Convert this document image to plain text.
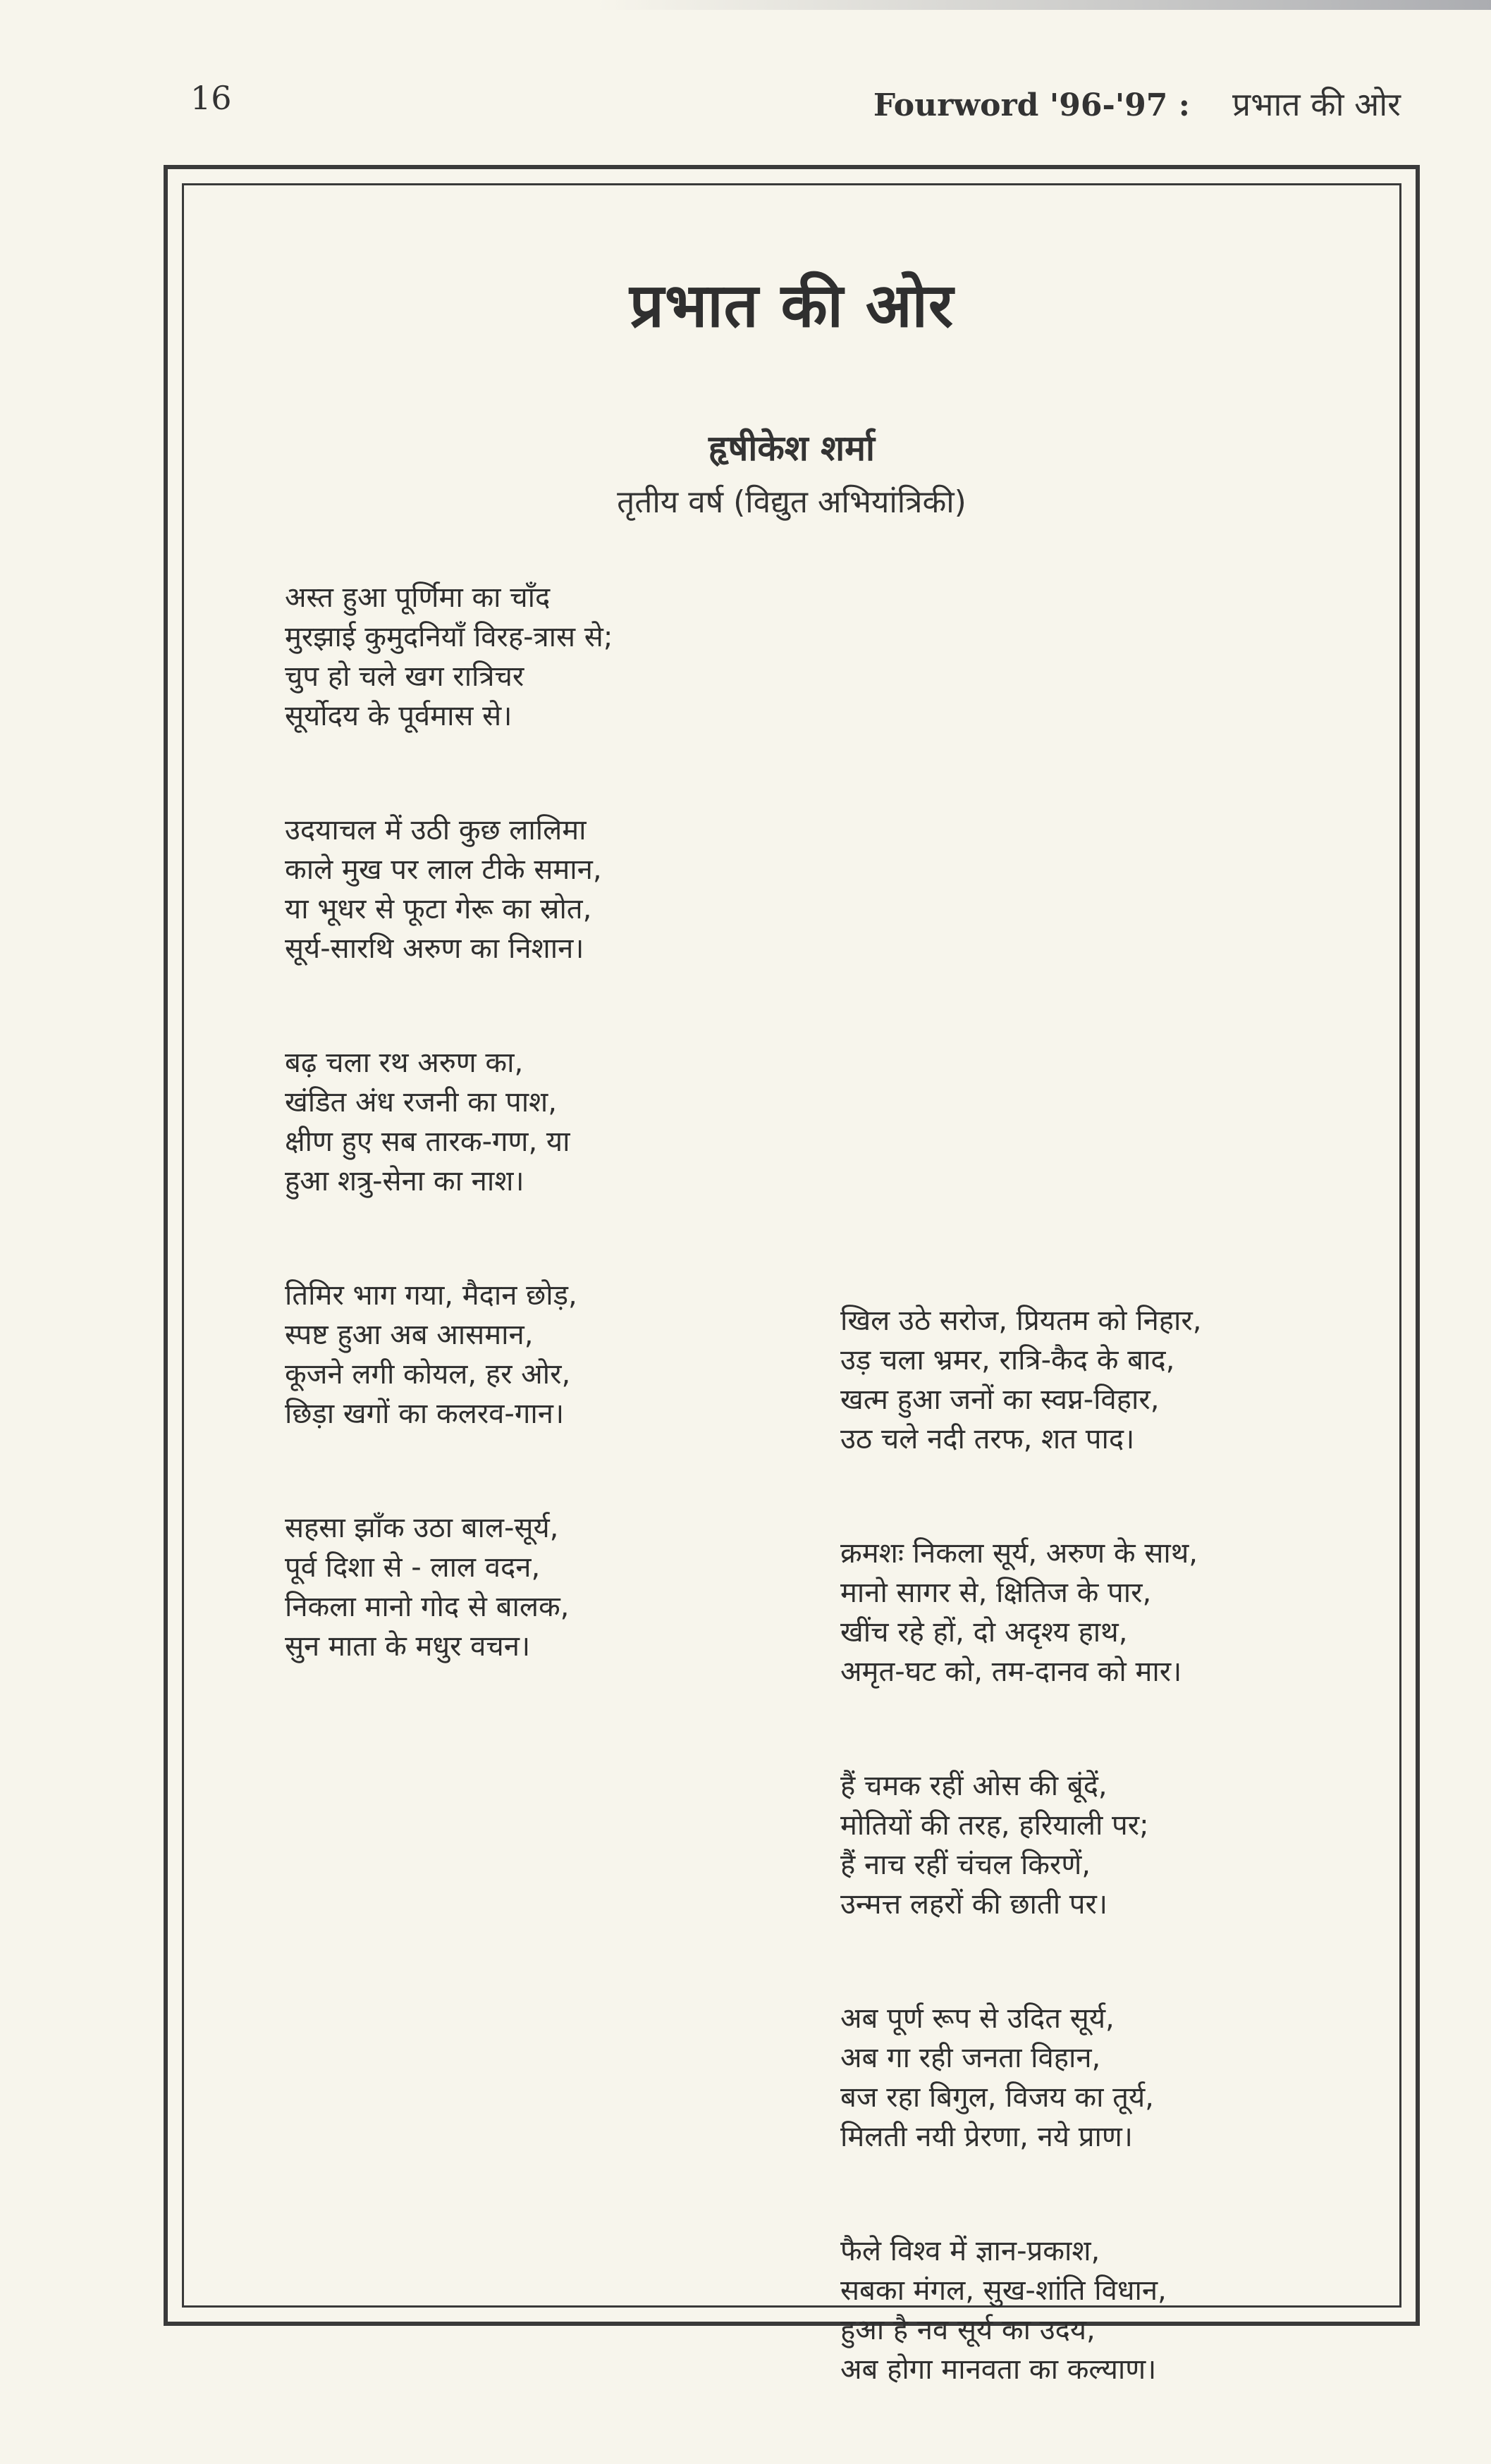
16	Fourword '96-'97 : प्रभात की ओर
प्रभात की ओर
हृषीकेश शर्मा
तृतीय वर्ष (विद्युत अभियांत्रिकी)
अस्त हुआ पूर्णिमा का चाँद
मुरझाई कुमुदनियाँ विरह-त्रास से;
चुप हो चले खग रात्रिचर
सूर्योदय के पूर्वमास से।
उदयाचल में उठी कुछ लालिमा
काले मुख पर लाल टीके समान,
या भूधर से फूटा गेरू का स्रोत,
सूर्य-सारथि अरुण का निशान।
बढ़ चला रथ अरुण का,
खंडित अंध रजनी का पाश,
क्षीण हुए सब तारक-गण, या
हुआ शत्रु-सेना का नाश।
तिमिर भाग गया, मैदान छोड़,
स्पष्ट हुआ अब आसमान,
कूजने लगी कोयल, हर ओर,
छिड़ा खगों का कलरव-गान।
सहसा झाँक उठा बाल-सूर्य,
पूर्व दिशा से - लाल वदन,
निकला मानो गोद से बालक,
सुन माता के मधुर वचन।
खिल उठे सरोज, प्रियतम को निहार,
उड़ चला भ्रमर, रात्रि-कैद के बाद,
खत्म हुआ जनों का स्वप्न-विहार,
उठ चले नदी तरफ, शत पाद।
क्रमशः निकला सूर्य, अरुण के साथ,
मानो सागर से, क्षितिज के पार,
खींच रहे हों, दो अदृश्य हाथ,
अमृत-घट को, तम-दानव को मार।
हैं चमक रहीं ओस की बूंदें,
मोतियों की तरह, हरियाली पर;
हैं नाच रहीं चंचल किरणें,
उन्मत्त लहरों की छाती पर।
अब पूर्ण रूप से उदित सूर्य,
अब गा रही जनता विहान,
बज रहा बिगुल, विजय का तूर्य,
मिलती नयी प्रेरणा, नये प्राण।
फैले विश्व में ज्ञान-प्रकाश,
सबका मंगल, सुख-शांति विधान,
हुआ है नव सूर्य का उदय,
अब होगा मानवता का कल्याण।
